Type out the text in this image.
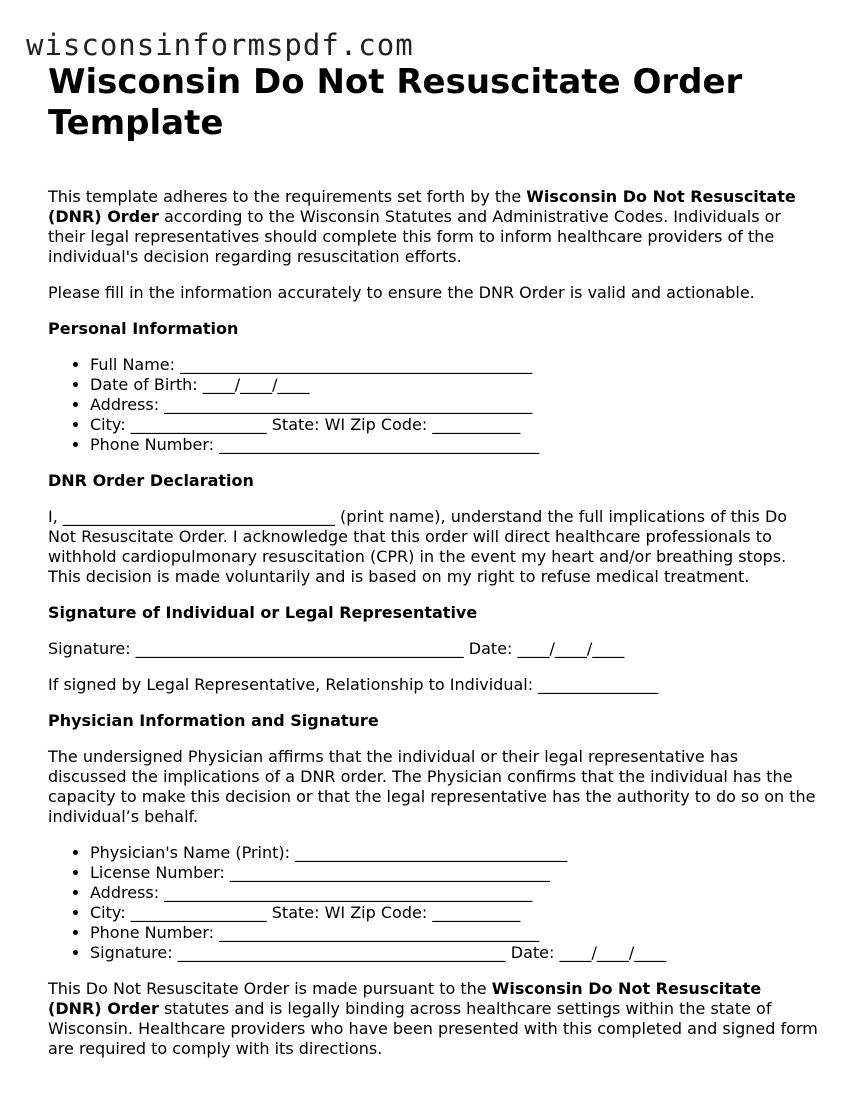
wisconsinformspdf.com
Wisconsin Do Not Resuscitate Order Template

This template adheres to the requirements set forth by the Wisconsin Do Not Resuscitate (DNR) Order according to the Wisconsin Statutes and Administrative Codes. Individuals or their legal representatives should complete this form to inform healthcare providers of the individual's decision regarding resuscitation efforts.

Please fill in the information accurately to ensure the DNR Order is valid and actionable.

Personal Information
• Full Name: ____________________________________________
• Date of Birth: ____/____/____
• Address: ______________________________________________
• City: _________________ State: WI Zip Code: ___________
• Phone Number: ________________________________________
DNR Order Declaration

I, __________________________________ (print name), understand the full implications of this Do Not Resuscitate Order. I acknowledge that this order will direct healthcare professionals to withhold cardiopulmonary resuscitation (CPR) in the event my heart and/or breathing stops. This decision is made voluntarily and is based on my right to refuse medical treatment.

Signature of Individual or Legal Representative

Signature: _________________________________________ Date: ____/____/____

If signed by Legal Representative, Relationship to Individual: _______________

Physician Information and Signature

The undersigned Physician affirms that the individual or their legal representative has discussed the implications of a DNR order. The Physician confirms that the individual has the capacity to make this decision or that the legal representative has the authority to do so on the individual’s behalf.

• Physician's Name (Print): __________________________________
• License Number: ________________________________________
• Address: ______________________________________________
• City: _________________ State: WI Zip Code: ___________
• Phone Number: ________________________________________
• Signature: _________________________________________ Date: ____/____/____

This Do Not Resuscitate Order is made pursuant to the Wisconsin Do Not Resuscitate (DNR) Order statutes and is legally binding across healthcare settings within the state of Wisconsin. Healthcare providers who have been presented with this completed and signed form are required to comply with its directions.
